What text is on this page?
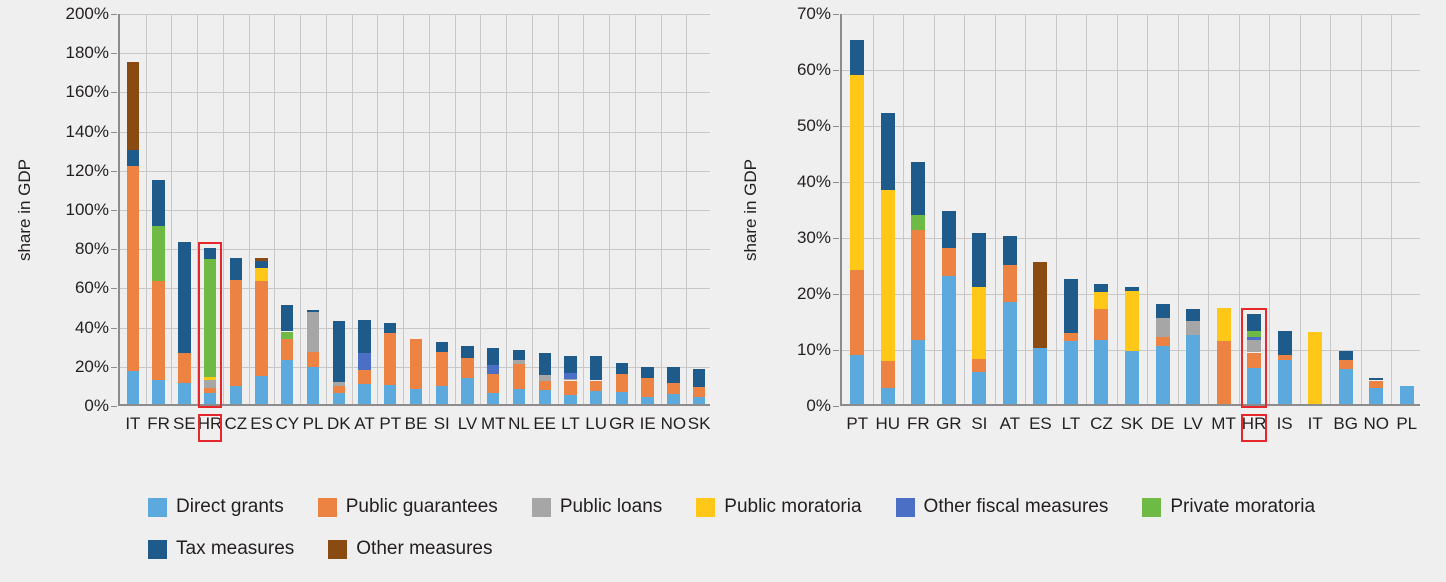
share in GDP
IT FR SE HR CZ ES CY PL DK AT PT BE SI LV MT NL EE LT LU GR IE NO SK
0%
20%
40%
60%
80%
100%
120%
140%
160%
180%
200%
share in GDP
PT HU FR GR SI AT ES LT CZ SK DE LV MT HR IS IT BG NO PL
0%
10%
20%
30%
40%
50%
60%
70%
Direct grants	Public guarantees	Public loans	Public moratoria	Other fiscal measures	Private moratoria
Tax measures	Other measures
